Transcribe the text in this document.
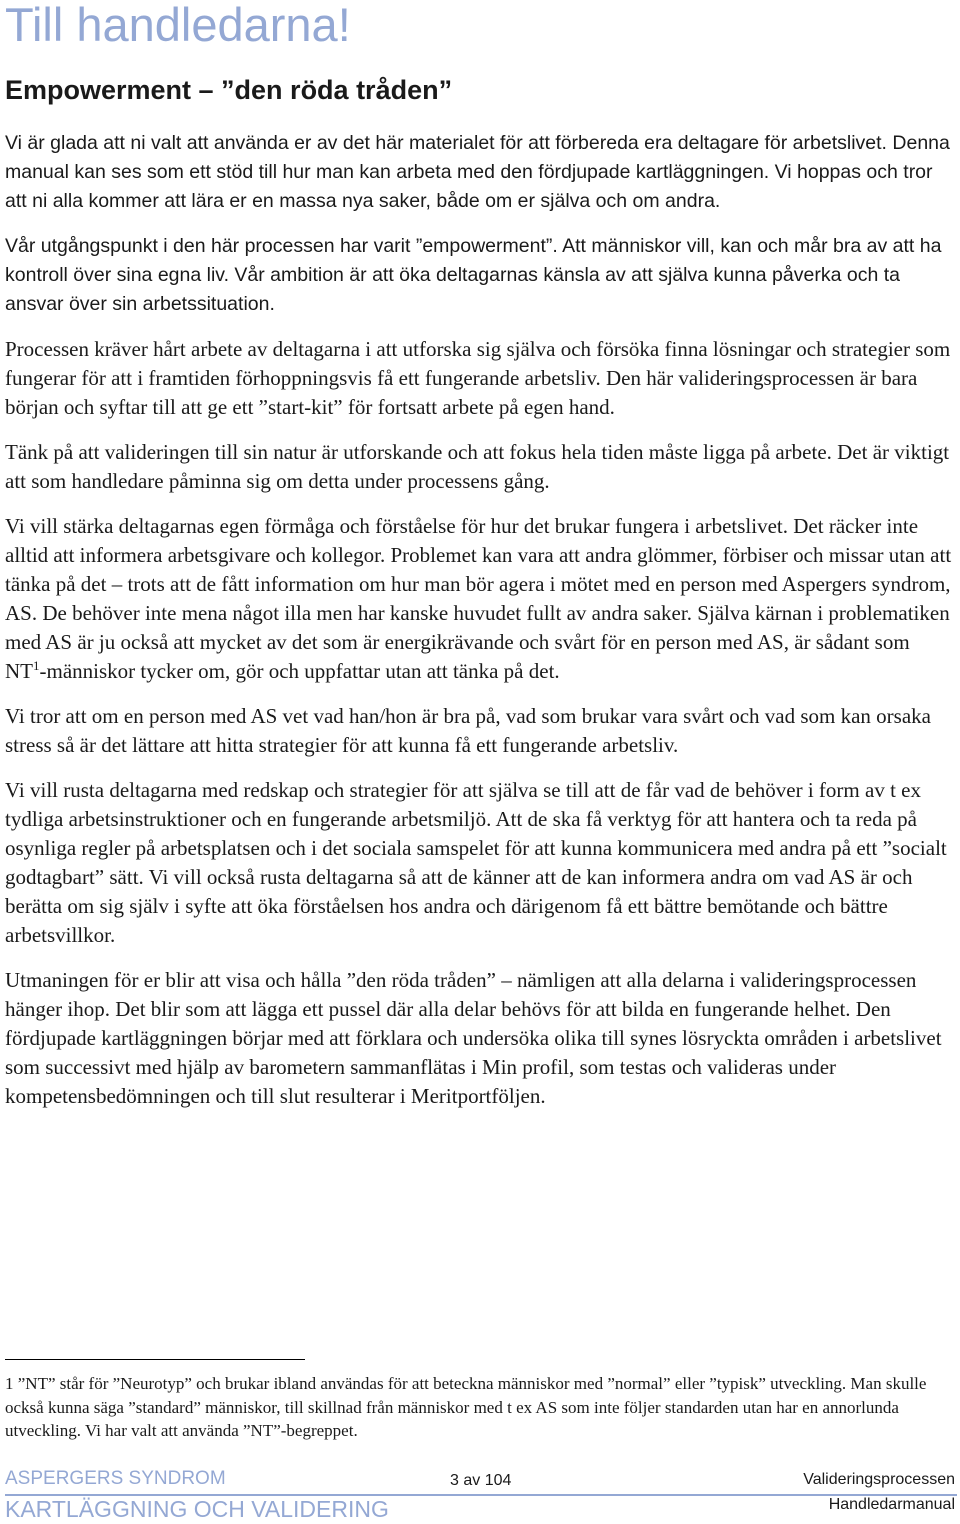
Till handledarna!
Empowerment – ”den röda tråden”

Vi är glada att ni valt att använda er av det här materialet för att förbereda era deltagare för arbetslivet. Denna manual kan ses som ett stöd till hur man kan arbeta med den fördjupade kartläggningen. Vi hoppas och tror att ni alla kommer att lära er en massa nya saker, både om er själva och om andra.

Vår utgångspunkt i den här processen har varit ”empowerment”. Att människor vill, kan och mår bra av att ha kontroll över sina egna liv. Vår ambition är att öka deltagarnas känsla av att själva kunna påverka och ta ansvar över sin arbetssituation.

Processen kräver hårt arbete av deltagarna i att utforska sig själva och försöka finna lösningar och strategier som fungerar för att i framtiden förhoppningsvis få ett fungerande arbetsliv. Den här valideringsprocessen är bara början och syftar till att ge ett ”start-kit” för fortsatt arbete på egen hand.

Tänk på att valideringen till sin natur är utforskande och att fokus hela tiden måste ligga på arbete. Det är viktigt att som handledare påminna sig om detta under processens gång.

Vi vill stärka deltagarnas egen förmåga och förståelse för hur det brukar fungera i arbetslivet. Det räcker inte alltid att informera arbetsgivare och kollegor. Problemet kan vara att andra glömmer, förbiser och missar utan att tänka på det – trots att de fått information om hur man bör agera i mötet med en person med Aspergers syndrom, AS. De behöver inte mena något illa men har kanske huvudet fullt av andra saker. Själva kärnan i problematiken med AS är ju också att mycket av det som är energikrävande och svårt för en person med AS, är sådant som $NT^1$-människor tycker om, gör och uppfattar utan att tänka på det.

Vi tror att om en person med AS vet vad han/hon är bra på, vad som brukar vara svårt och vad som kan orsaka stress så är det lättare att hitta strategier för att kunna få ett fungerande arbetsliv.

Vi vill rusta deltagarna med redskap och strategier för att själva se till att de får vad de behöver i form av t ex tydliga arbetsinstruktioner och en fungerande arbetsmiljö. Att de ska få verktyg för att hantera och ta reda på osynliga regler på arbetsplatsen och i det sociala samspelet för att kunna kommunicera med andra på ett ”socialt godtagbart” sätt. Vi vill också rusta deltagarna så att de känner att de kan informera andra om vad AS är och berätta om sig själv i syfte att öka förståelsen hos andra och därigenom få ett bättre bemötande och bättre arbetsvillkor.

Utmaningen för er blir att visa och hålla ”den röda tråden” – nämligen att alla delarna i valideringsprocessen hänger ihop. Det blir som att lägga ett pussel där alla delar behövs för att bilda en fungerande helhet. Den fördjupade kartläggningen börjar med att förklara och undersöka olika till synes lösryckta områden i arbetslivet som successivt med hjälp av barometern sammanflätas i Min profil, som testas och valideras under kompetensbedömningen och till slut resulterar i Meritportföljen.

1 ”NT” står för ”Neurotyp” och brukar ibland användas för att beteckna människor med ”normal” eller ”typisk” utveckling. Man skulle också kunna säga ”standard” människor, till skillnad från människor med t ex AS som inte följer standarden utan har en annorlunda utveckling. Vi har valt att använda ”NT”-begreppet.

ASPERGERS SYNDROM	3 av 104	Valideringsprocessen
KARTLÄGGNING OCH VALIDERING	Handledarmanual
